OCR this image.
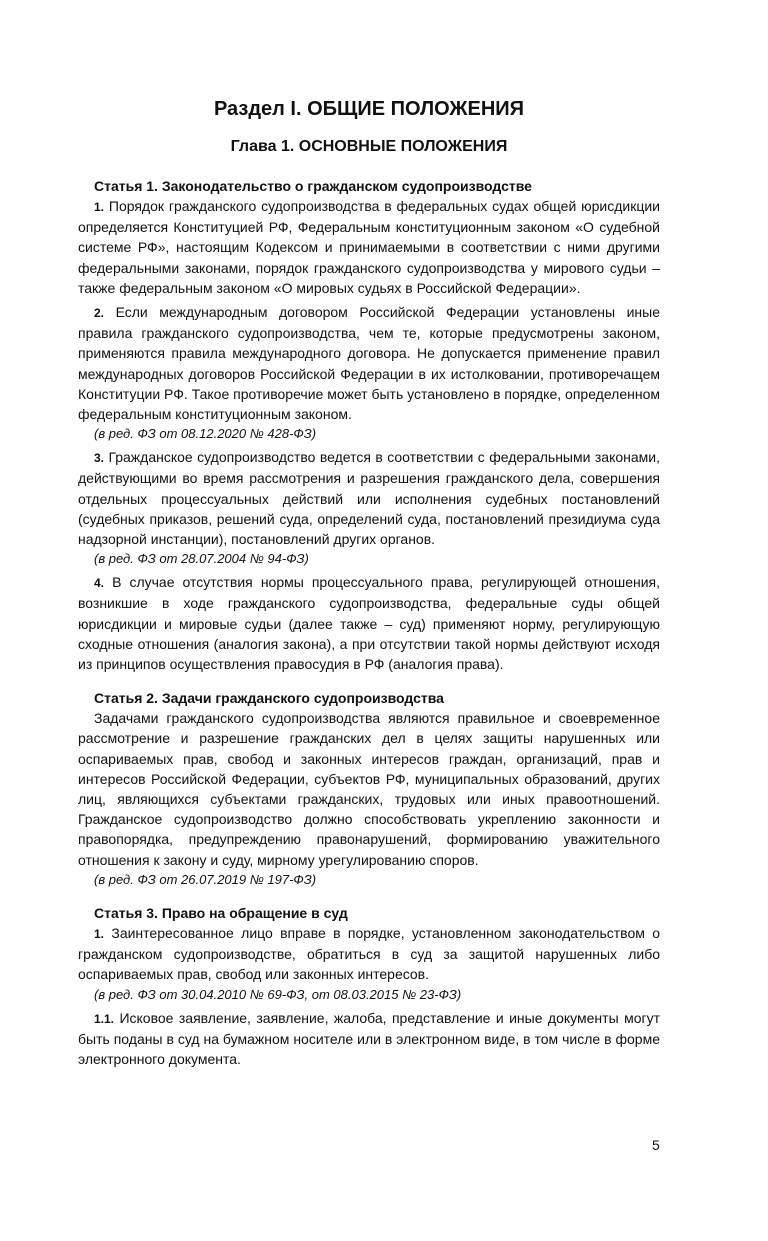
Раздел I. ОБЩИЕ ПОЛОЖЕНИЯ
Глава 1. ОСНОВНЫЕ ПОЛОЖЕНИЯ
Статья 1. Законодательство о гражданском судопроизводстве

1. Порядок гражданского судопроизводства в федеральных судах общей юрисдикции определяется Конституцией РФ, Федеральным конституционным законом «О судебной системе РФ», настоящим Кодексом и принимаемыми в соответствии с ними другими федеральными законами, порядок гражданского судопроизводства у мирового судьи – также федеральным законом «О мировых судьях в Российской Федерации».

2. Если международным договором Российской Федерации установлены иные правила гражданского судопроизводства, чем те, которые предусмотрены законом, применяются правила международного договора. Не допускается применение правил международных договоров Российской Федерации в их истолковании, противоречащем Конституции РФ. Такое противоречие может быть установлено в порядке, определенном федеральным конституционным законом.

(в ред. ФЗ от 08.12.2020 № 428-ФЗ)

3. Гражданское судопроизводство ведется в соответствии с федеральными законами, действующими во время рассмотрения и разрешения гражданского дела, совершения отдельных процессуальных действий или исполнения судебных постановлений (судебных приказов, решений суда, определений суда, постановлений президиума суда надзорной инстанции), постановлений других органов.

(в ред. ФЗ от 28.07.2004 № 94-ФЗ)

4. В случае отсутствия нормы процессуального права, регулирующей отношения, возникшие в ходе гражданского судопроизводства, федеральные суды общей юрисдикции и мировые судьи (далее также – суд) применяют норму, регулирующую сходные отношения (аналогия закона), а при отсутствии такой нормы действуют исходя из принципов осуществления правосудия в РФ (аналогия права).

Статья 2. Задачи гражданского судопроизводства

Задачами гражданского судопроизводства являются правильное и своевременное рассмотрение и разрешение гражданских дел в целях защиты нарушенных или оспариваемых прав, свобод и законных интересов граждан, организаций, прав и интересов Российской Федерации, субъектов РФ, муниципальных образований, других лиц, являющихся субъектами гражданских, трудовых или иных правоотношений. Гражданское судопроизводство должно способствовать укреплению законности и правопорядка, предупреждению правонарушений, формированию уважительного отношения к закону и суду, мирному урегулированию споров.

(в ред. ФЗ от 26.07.2019 № 197-ФЗ)

Статья 3. Право на обращение в суд

1. Заинтересованное лицо вправе в порядке, установленном законодательством о гражданском судопроизводстве, обратиться в суд за защитой нарушенных либо оспариваемых прав, свобод или законных интересов.

(в ред. ФЗ от 30.04.2010 № 69-ФЗ, от 08.03.2015 № 23-ФЗ)

1.1. Исковое заявление, заявление, жалоба, представление и иные документы могут быть поданы в суд на бумажном носителе или в электронном виде, в том числе в форме электронного документа.

5
